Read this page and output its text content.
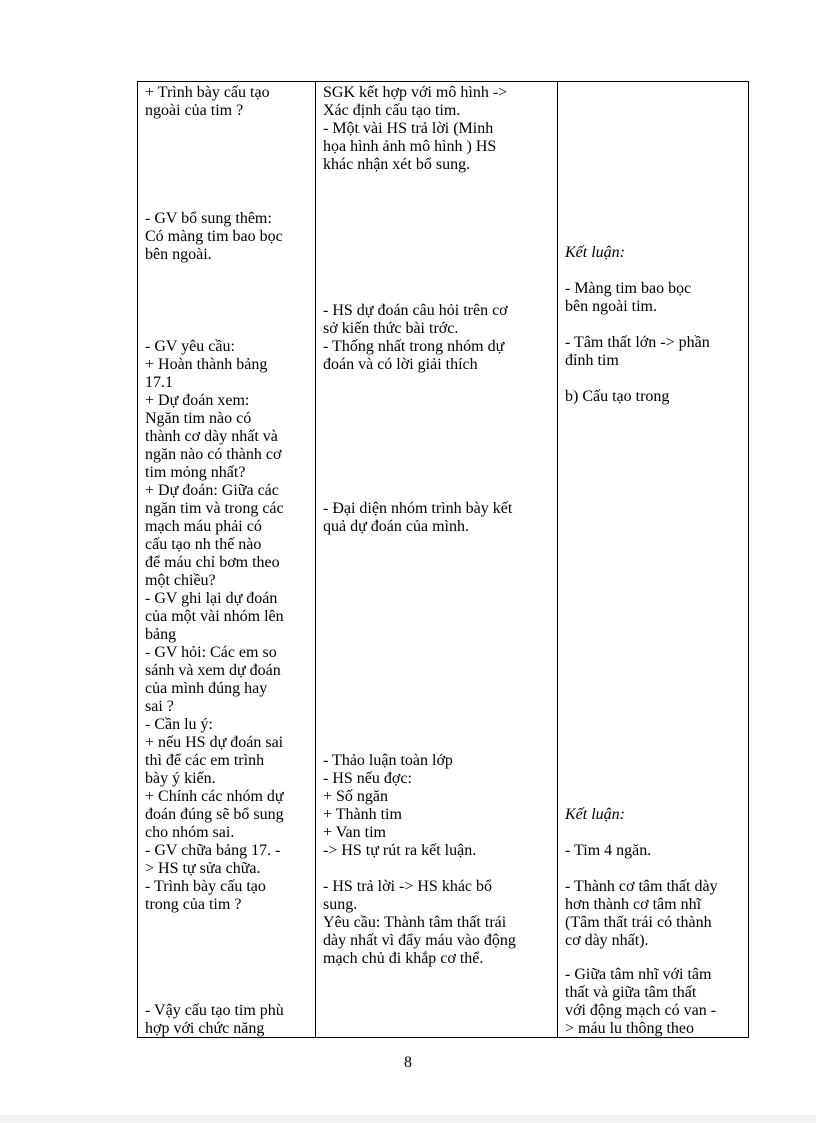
+ Trình bày cấu tạo
ngoài của tim ?
- GV bổ sung thêm:
Có màng tim bao bọc
bên ngoài.
- GV yêu cầu:
+ Hoàn thành bảng
17.1
+ Dự đoán xem:
Ngăn tim nào có
thành cơ dày nhất và
ngăn nào có thành cơ
tim mỏng nhất?
+ Dự đoán: Giữa các
ngăn tim và trong các
mạch máu phải có
cấu tạo nh thế nào
để máu chỉ bơm theo
một chiều?
- GV ghi lại dự đoán
của một vài nhóm lên
bảng
- GV hỏi: Các em so
sánh và xem dự đoán
của mình đúng hay
sai ?
- Cần lu ý:
+ nếu HS dự đoán sai
thì để các em trình
bày ý kiến.
+ Chính các nhóm dự
đoán đúng sẽ bổ sung
cho nhóm sai.
- GV chữa bảng 17. -
> HS tự sửa chữa.
- Trình bày cấu tạo
trong của tim ?
- Vậy cấu tạo tim phù
hợp với chức năng
SGK kết hợp với mô hình ->
Xác định cấu tạo tim.
- Một vài HS trả lời (Minh
họa hình ảnh mô hình ) HS
khác nhận xét bổ sung.
- HS dự đoán câu hỏi trên cơ
sở kiến thức bài trớc.
- Thống nhất trong nhóm dự
đoán và có lời giải thích
- Đại diện nhóm trình bày kết
quả dự đoán của mình.
- Thảo luận toàn lớp
- HS nếu đợc:
+ Số ngăn
+ Thành tim
+ Van tim
-> HS tự rút ra kết luận.
- HS trả lời -> HS khác bổ
sung.
Yêu cầu: Thành tâm thất trái
dày nhất vì đẩy máu vào động
mạch chủ đi khắp cơ thể.
Kết luận:
- Màng tim bao bọc
bên ngoài tim.
- Tâm thất lớn -> phần
đỉnh tim
b) Cấu tạo trong
Kết luận:
- Tim 4 ngăn.
- Thành cơ tâm thất dày
hơn thành cơ tâm nhĩ
(Tâm thất trái có thành
cơ dày nhất).
- Giữa tâm nhĩ với tâm
thất và giữa tâm thất
với động mạch có van -
> máu lu thông theo
8
